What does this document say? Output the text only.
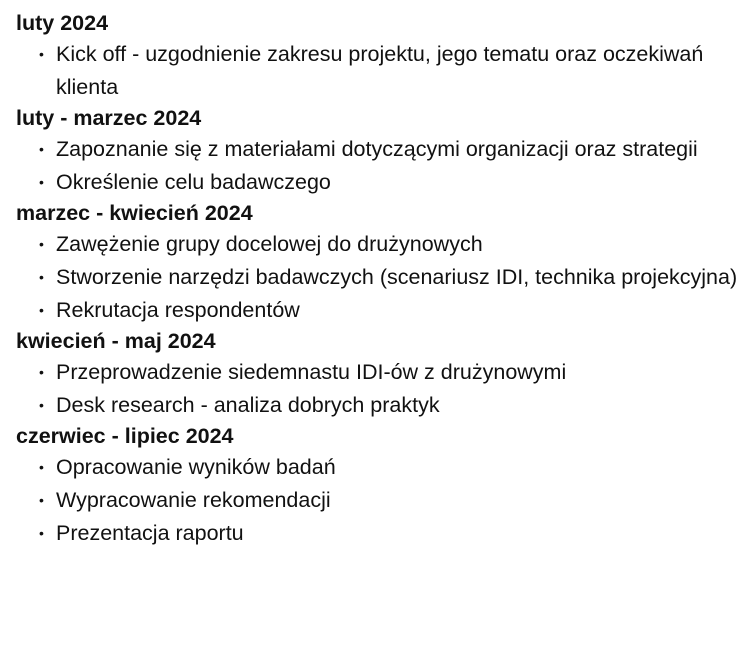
luty 2024
• Kick off - uzgodnienie zakresu projektu, jego tematu oraz oczekiwań klienta
luty - marzec 2024
• Zapoznanie się z materiałami dotyczącymi organizacji oraz strategii
• Określenie celu badawczego
marzec - kwiecień 2024
• Zawężenie grupy docelowej do drużynowych
• Stworzenie narzędzi badawczych (scenariusz IDI, technika projekcyjna)
• Rekrutacja respondentów
kwiecień - maj 2024
• Przeprowadzenie siedemnastu IDI-ów z drużynowymi
• Desk research - analiza dobrych praktyk
czerwiec - lipiec 2024
• Opracowanie wyników badań
• Wypracowanie rekomendacji
• Prezentacja raportu
